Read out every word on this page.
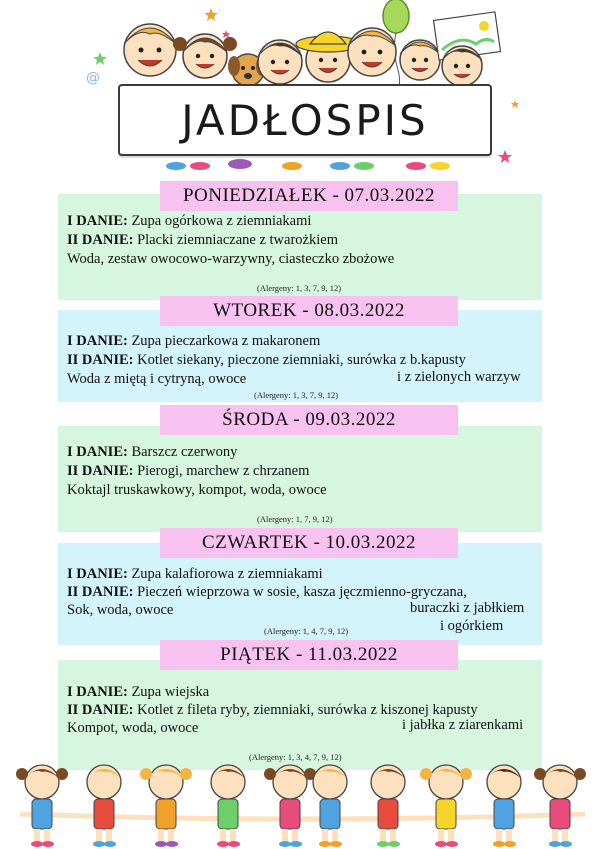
@
JADŁOSPIS
PONIEDZIAŁEK - 07.03.2022
I DANIE: Zupa ogórkowa z ziemniakami
II DANIE: Placki ziemniaczane z twarożkiem
Woda, zestaw owocowo-warzywny, ciasteczko zbożowe
(Alergeny: 1, 3, 7, 9, 12)
WTOREK - 08.03.2022
I DANIE: Zupa pieczarkowa z makaronem
II DANIE: Kotlet siekany, pieczone ziemniaki, surówka z b.kapusty
i z zielonych warzyw
Woda z miętą i cytryną, owoce
(Alergeny: 1, 3, 7, 9, 12)
ŚRODA - 09.03.2022
I DANIE: Barszcz czerwony
II DANIE: Pierogi, marchew z chrzanem
Koktajl truskawkowy, kompot, woda, owoce
(Alergeny: 1, 7, 9, 12)
CZWARTEK - 10.03.2022
I DANIE: Zupa kalafiorowa z ziemniakami
II DANIE: Pieczeń wieprzowa w sosie, kasza jęczmienno-gryczana,
buraczki z jabłkiem
Sok, woda, owoce
i ogórkiem
(Alergeny: 1, 4, 7, 9, 12)
PIĄTEK - 11.03.2022
I DANIE: Zupa wiejska
II DANIE: Kotlet z fileta ryby, ziemniaki, surówka z kiszonej kapusty
i jabłka z ziarenkami
Kompot, woda, owoce
(Alergeny: 1, 3, 4, 7, 9, 12)
